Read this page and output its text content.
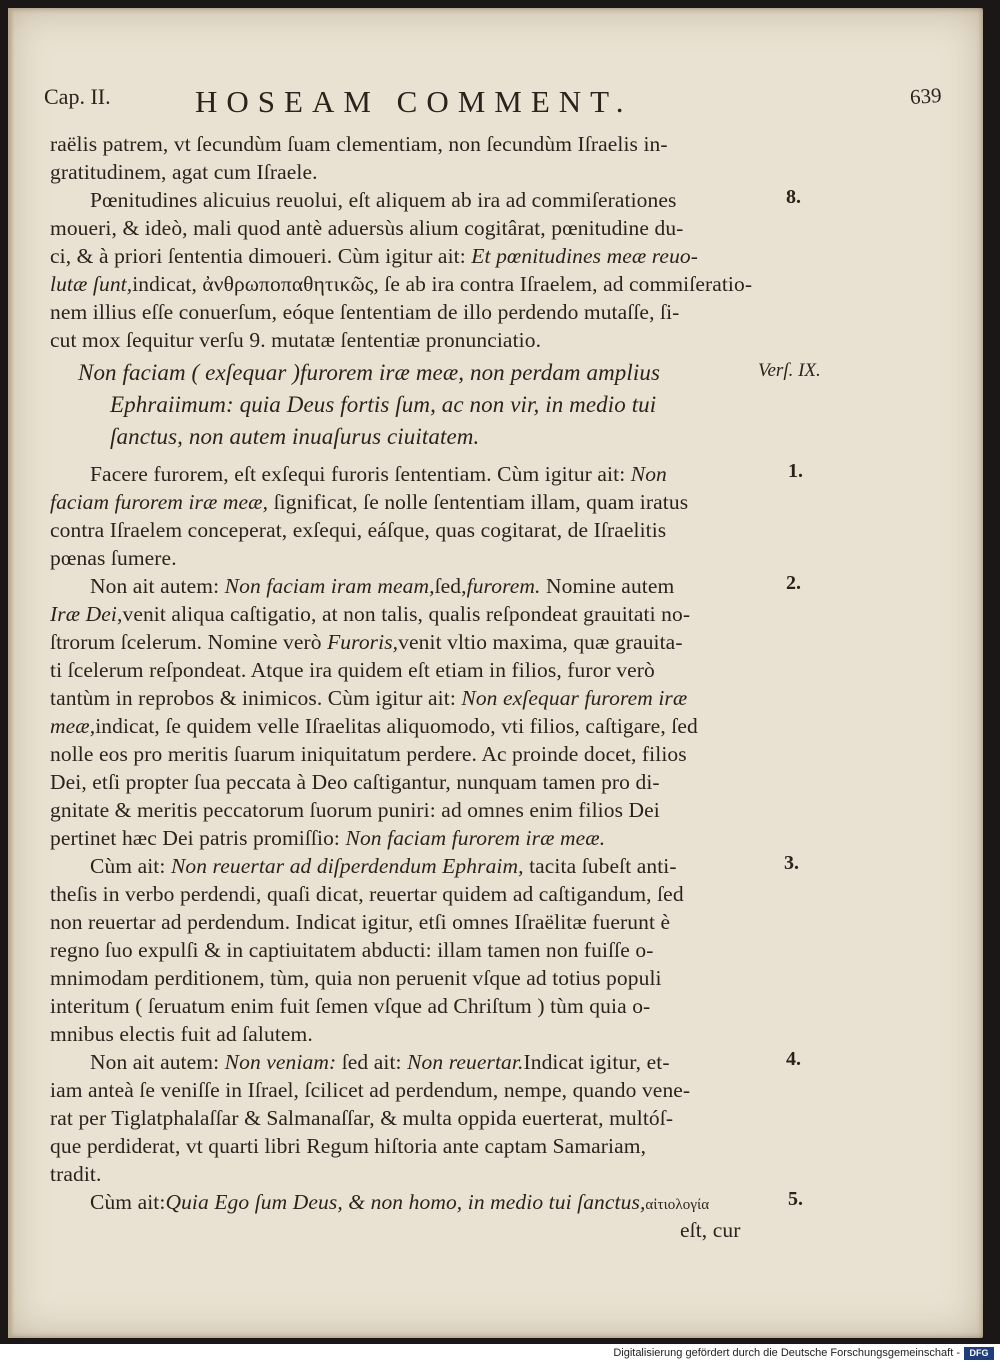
Cap. II.	HOSEAM COMMENT.	639
raëlis patrem, vt ſecundùm ſuam clementiam, non ſecundùm Iſraelis in-
gratitudinem, agat cum Iſraele.
Pœnitudines alicuius reuolui, eſt aliquem ab ira ad commiſerationes	8.
moueri, & ideò, mali quod antè aduersùs alium cogitârat, pœnitudine du-
ci, & à priori ſententia dimoueri. Cùm igitur ait: Et pœnitudines meæ reuo-
lutæ ſunt,indicat, ἀνθρωποπαθητικῶς, ſe ab ira contra Iſraelem, ad commiſeratio-
nem illius eſſe conuerſum, eóque ſententiam de illo perdendo mutaſſe, ſi-
cut mox ſequitur verſu 9. mutatæ ſententiæ pronunciatio.
Non faciam ( exſequar )furorem iræ meæ, non perdam amplius	Verſ. IX.
Ephraiimum: quia Deus fortis ſum, ac non vir, in medio tui
ſanctus, non autem inuaſurus ciuitatem.
Facere furorem, eſt exſequi furoris ſententiam. Cùm igitur ait: Non	1.
faciam furorem iræ meæ, ſignificat, ſe nolle ſententiam illam, quam iratus
contra Iſraelem conceperat, exſequi, eáſque, quas cogitarat, de Iſraelitis
pœnas ſumere.
Non ait autem: Non faciam iram meam,ſed,furorem. Nomine autem	2.
Iræ Dei,venit aliqua caſtigatio, at non talis, qualis reſpondeat grauitati no-
ſtrorum ſcelerum. Nomine verò Furoris,venit vltio maxima, quæ grauita-
ti ſcelerum reſpondeat. Atque ira quidem eſt etiam in filios, furor verò
tantùm in reprobos & inimicos. Cùm igitur ait: Non exſequar furorem iræ
meæ,indicat, ſe quidem velle Iſraelitas aliquomodo, vti filios, caſtigare, ſed
nolle eos pro meritis ſuarum iniquitatum perdere. Ac proinde docet, filios
Dei, etſi propter ſua peccata à Deo caſtigantur, nunquam tamen pro di-
gnitate & meritis peccatorum ſuorum puniri: ad omnes enim filios Dei
pertinet hæc Dei patris promiſſio: Non faciam furorem iræ meæ.
Cùm ait: Non reuertar ad diſperdendum Ephraim, tacita ſubeſt anti-	3.
theſis in verbo perdendi, quaſi dicat, reuertar quidem ad caſtigandum, ſed
non reuertar ad perdendum. Indicat igitur, etſi omnes Iſraëlitæ fuerunt è
regno ſuo expulſi & in captiuitatem abducti: illam tamen non fuiſſe o-
mnimodam perditionem, tùm, quia non peruenit vſque ad totius populi
interitum ( ſeruatum enim fuit ſemen vſque ad Chriſtum ) tùm quia o-
mnibus electis fuit ad ſalutem.
Non ait autem: Non veniam: ſed ait: Non reuertar.Indicat igitur, et-	4.
iam anteà ſe veniſſe in Iſrael, ſcilicet ad perdendum, nempe, quando vene-
rat per Tiglatphalaſſar & Salmanaſſar, & multa oppida euerterat, multóſ-
que perdiderat, vt quarti libri Regum hiſtoria ante captam Samariam,
tradit.
Cùm ait:Quia Ego ſum Deus, & non homo, in medio tui ſanctus,αἰτιολογία	5.
eſt, cur
Digitalisierung gefördert durch die Deutsche Forschungsgemeinschaft -	DFG
